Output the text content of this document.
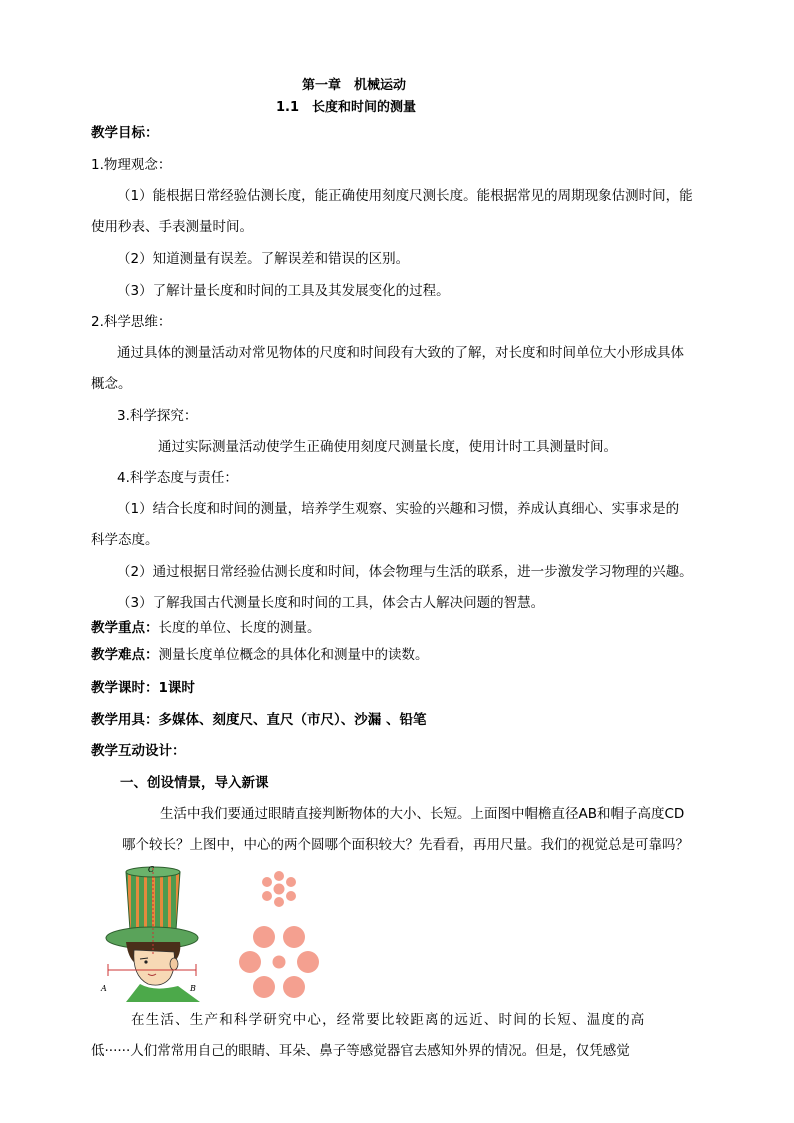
第一章　机械运动
1.1　长度和时间的测量
教学目标：
1.物理观念：
（1）能根据日常经验估测长度，能正确使用刻度尺测长度。能根据常见的周期现象估测时间，能
使用秒表、手表测量时间。
（2）知道测量有误差。了解误差和错误的区别。
（3）了解计量长度和时间的工具及其发展变化的过程。
2.科学思维：
通过具体的测量活动对常见物体的尺度和时间段有大致的了解，对长度和时间单位大小形成具体
概念。
3.科学探究：
通过实际测量活动使学生正确使用刻度尺测量长度，使用计时工具测量时间。
4.科学态度与责任：
（1）结合长度和时间的测量，培养学生观察、实验的兴趣和习惯，养成认真细心、实事求是的
科学态度。
（2）通过根据日常经验估测长度和时间，体会物理与生活的联系，进一步激发学习物理的兴趣。
（3）了解我国古代测量长度和时间的工具，体会古人解决问题的智慧。
教学重点：长度的单位、长度的测量。
教学难点：测量长度单位概念的具体化和测量中的读数。
教学课时：1课时
教学用具：多媒体、刻度尺、直尺（市尺）、沙漏 、铅笔
教学互动设计：
一、创设情景，导入新课
生活中我们要通过眼睛直接判断物体的大小、长短。上面图中帽檐直径AB和帽子高度CD
哪个较长？上图中，中心的两个圆哪个面积较大？先看看，再用尺量。我们的视觉总是可靠吗？
C
A	B
在生活、生产和科学研究中心，经常要比较距离的远近、时间的长短、温度的高
低······人们常常用自己的眼睛、耳朵、鼻子等感觉器官去感知外界的情况。但是，仅凭感觉
